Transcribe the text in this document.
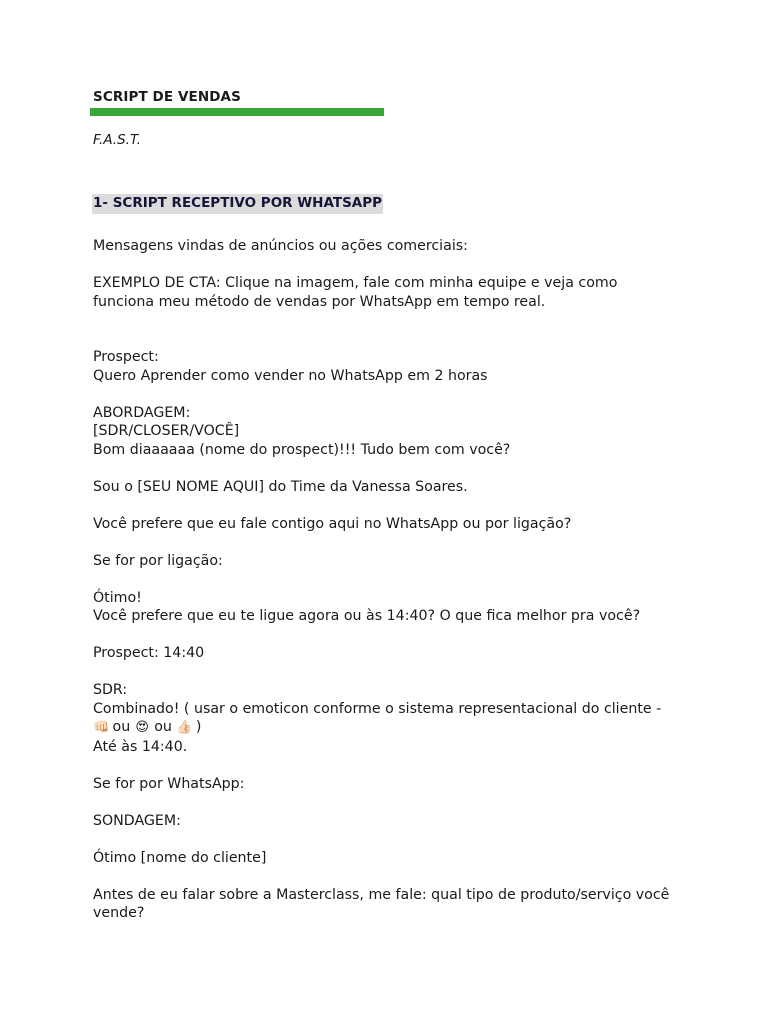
SCRIPT DE VENDAS
F.A.S.T.
1- SCRIPT RECEPTIVO POR WHATSAPP

Mensagens vindas de anúncios ou ações comerciais:

EXEMPLO DE CTA: Clique na imagem, fale com minha equipe e veja como

funciona meu método de vendas por WhatsApp em tempo real.

Prospect:

Quero Aprender como vender no WhatsApp em 2 horas

ABORDAGEM:

[SDR/CLOSER/VOCÊ]

Bom diaaaaaa (nome do prospect)!!! Tudo bem com você?

Sou o [SEU NOME AQUI] do Time da Vanessa Soares.

Você prefere que eu fale contigo aqui no WhatsApp ou por ligação?

Se for por ligação:

Ótimo!

Você prefere que eu te ligue agora ou às 14:40? O que fica melhor pra você?

Prospect: 14:40

SDR:

Combinado! ( usar o emoticon conforme o sistema representacional do cliente -

👊🏻 ou 😍 ou 👍🏻 )

Até às 14:40.

Se for por WhatsApp:

SONDAGEM:

Ótimo [nome do cliente]

Antes de eu falar sobre a Masterclass, me fale: qual tipo de produto/serviço você

vende?
